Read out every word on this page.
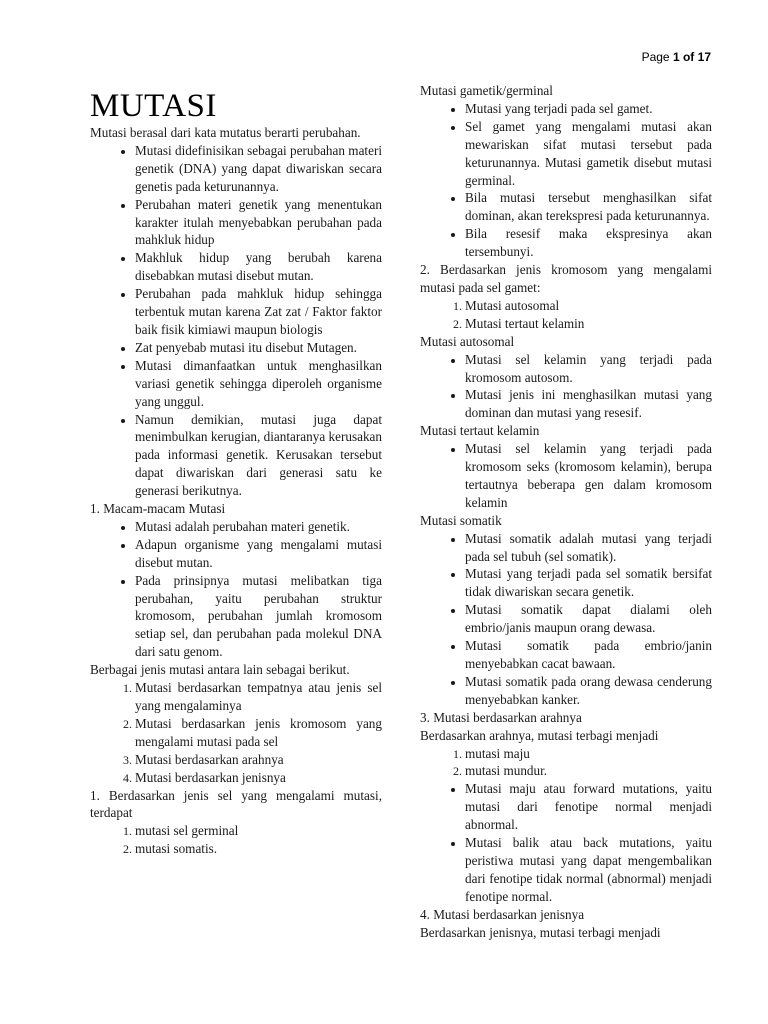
Page 1 of 17
MUTASI

Mutasi berasal dari kata mutatus berarti perubahan.

• Mutasi didefinisikan sebagai perubahan materi genetik (DNA) yang dapat diwariskan secara genetis pada keturunannya.
• Perubahan materi genetik yang menentukan karakter itulah menyebabkan perubahan pada mahkluk hidup
• Makhluk hidup yang berubah karena disebabkan mutasi disebut mutan.
• Perubahan pada mahkluk hidup sehingga terbentuk mutan karena Zat zat / Faktor faktor baik fisik kimiawi maupun biologis
• Zat penyebab mutasi itu disebut Mutagen.
• Mutasi dimanfaatkan untuk menghasilkan variasi genetik sehingga diperoleh organisme yang unggul.
• Namun demikian, mutasi juga dapat menimbulkan kerugian, diantaranya kerusakan pada informasi genetik. Kerusakan tersebut dapat diwariskan dari generasi satu ke generasi berikutnya.

1. Macam-macam Mutasi

• Mutasi adalah perubahan materi genetik.
• Adapun organisme yang mengalami mutasi disebut mutan.
• Pada prinsipnya mutasi melibatkan tiga perubahan, yaitu perubahan struktur kromosom, perubahan jumlah kromosom setiap sel, dan perubahan pada molekul DNA dari satu genom.

Berbagai jenis mutasi antara lain sebagai berikut.

1. Mutasi berdasarkan tempatnya atau jenis sel yang mengalaminya
2. Mutasi berdasarkan jenis kromosom yang mengalami mutasi pada sel
3. Mutasi berdasarkan arahnya
4. Mutasi berdasarkan jenisnya

1. Berdasarkan jenis sel yang mengalami mutasi, terdapat

1. mutasi sel germinal
2. mutasi somatis.

Mutasi gametik/germinal

• Mutasi yang terjadi pada sel gamet.
• Sel gamet yang mengalami mutasi akan mewariskan sifat mutasi tersebut pada keturunannya. Mutasi gametik disebut mutasi germinal.
• Bila mutasi tersebut menghasilkan sifat dominan, akan terekspresi pada keturunannya.
• Bila resesif maka ekspresinya akan tersembunyi.

2. Berdasarkan jenis kromosom yang mengalami mutasi pada sel gamet:

1. Mutasi autosomal
2. Mutasi tertaut kelamin

Mutasi autosomal

• Mutasi sel kelamin yang terjadi pada kromosom autosom.
• Mutasi jenis ini menghasilkan mutasi yang dominan dan mutasi yang resesif.

Mutasi tertaut kelamin

• Mutasi sel kelamin yang terjadi pada kromosom seks (kromosom kelamin), berupa tertautnya beberapa gen dalam kromosom kelamin

Mutasi somatik

• Mutasi somatik adalah mutasi yang terjadi pada sel tubuh (sel somatik).
• Mutasi yang terjadi pada sel somatik bersifat tidak diwariskan secara genetik.
• Mutasi somatik dapat dialami oleh embrio/janis maupun orang dewasa.
• Mutasi somatik pada embrio/janin menyebabkan cacat bawaan.
• Mutasi somatik pada orang dewasa cenderung menyebabkan kanker.

3. Mutasi berdasarkan arahnya

Berdasarkan arahnya, mutasi terbagi menjadi

1. mutasi maju
2. mutasi mundur.
• Mutasi maju atau forward mutations, yaitu mutasi dari fenotipe normal menjadi abnormal.
• Mutasi balik atau back mutations, yaitu peristiwa mutasi yang dapat mengembalikan dari fenotipe tidak normal (abnormal) menjadi fenotipe normal.

4. Mutasi berdasarkan jenisnya

Berdasarkan jenisnya, mutasi terbagi menjadi
